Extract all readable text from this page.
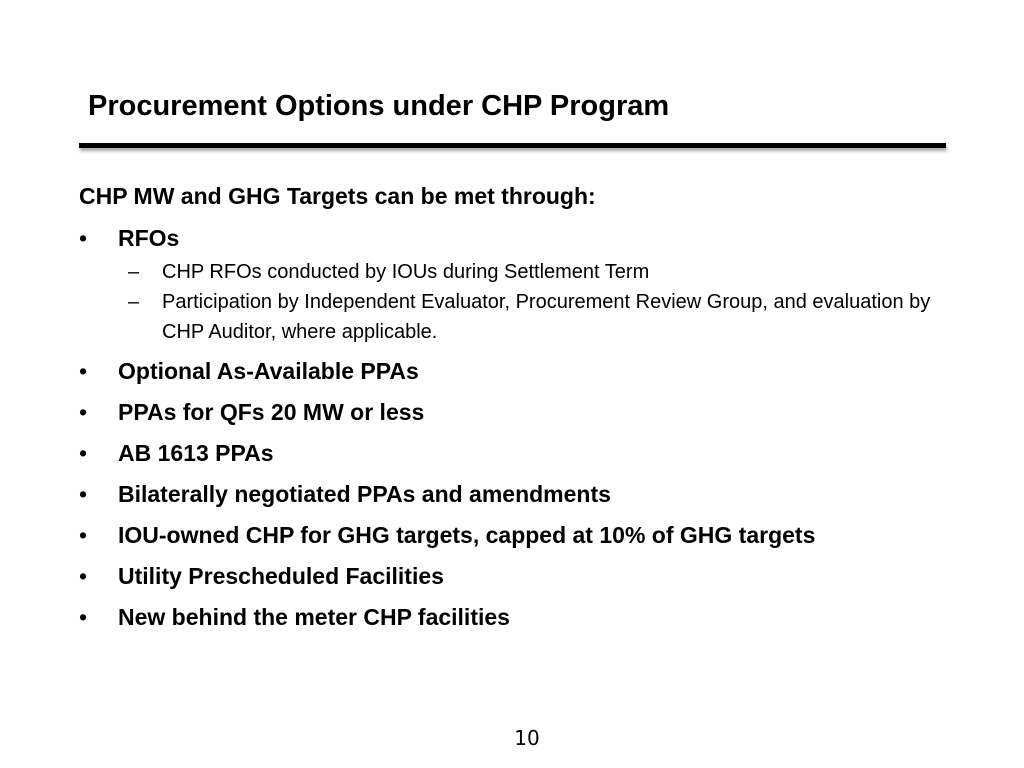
Procurement Options under CHP Program
CHP MW and GHG Targets can be met through:
• RFOs
– CHP RFOs conducted by IOUs during Settlement Term
– Participation by Independent Evaluator, Procurement Review Group, and evaluation by CHP Auditor, where applicable.
• Optional As-Available PPAs
• PPAs for QFs 20 MW or less
• AB 1613 PPAs
• Bilaterally negotiated PPAs and amendments
• IOU-owned CHP for GHG targets, capped at 10% of GHG targets
• Utility Prescheduled Facilities
• New behind the meter CHP facilities
10
